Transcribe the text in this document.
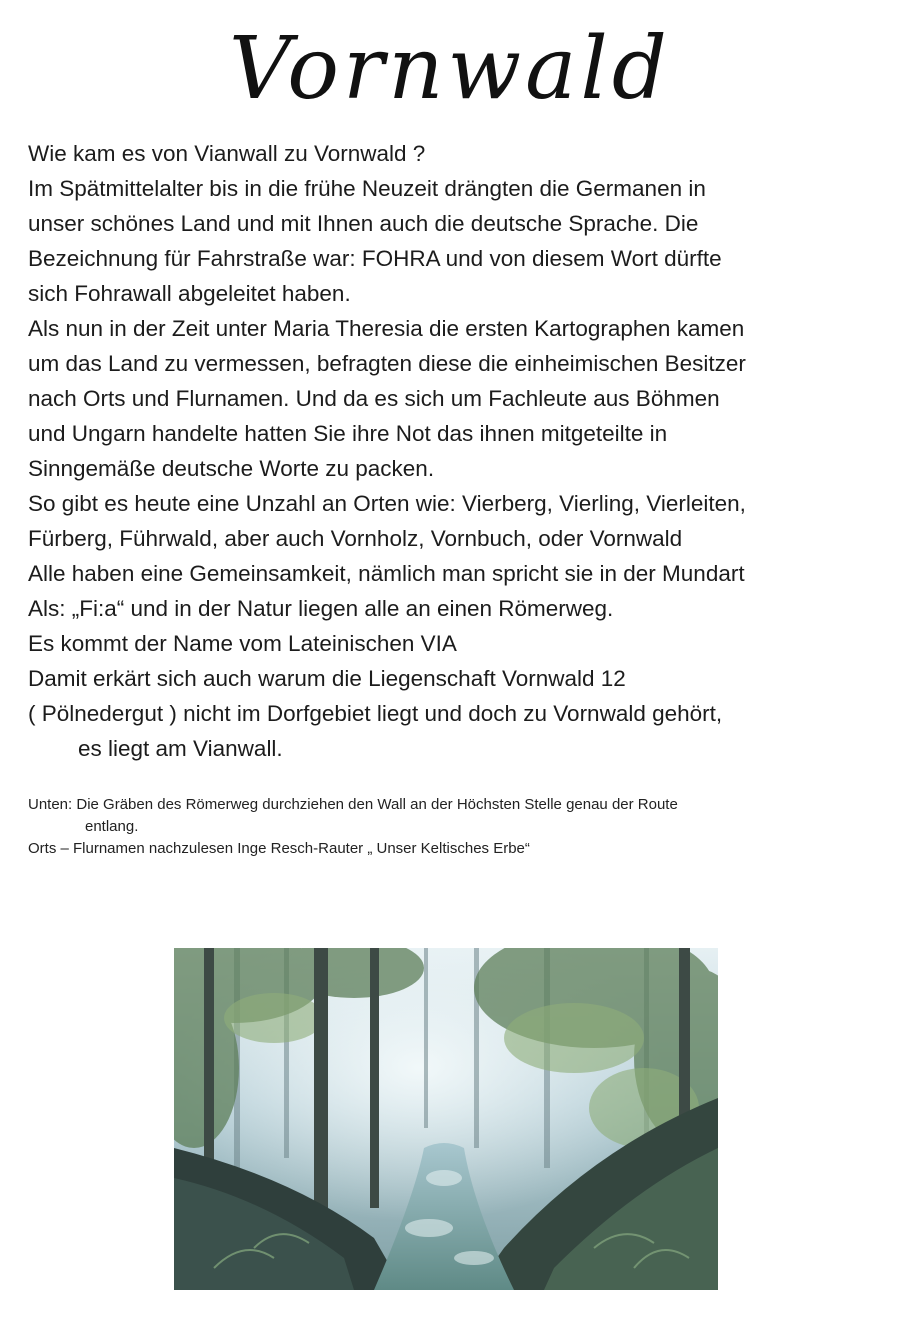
Vornwald

Wie kam es von Vianwall zu Vornwald ?

Im Spätmittelalter bis in die frühe Neuzeit drängten die Germanen in

unser schönes Land und mit Ihnen auch die deutsche Sprache. Die

Bezeichnung für Fahrstraße war: FOHRA und von diesem Wort dürfte

sich Fohrawall abgeleitet haben.

Als nun in der Zeit unter Maria Theresia die ersten Kartographen kamen

um das Land zu vermessen, befragten diese die einheimischen Besitzer

nach Orts und Flurnamen. Und da es sich um Fachleute aus Böhmen

und Ungarn handelte hatten Sie ihre Not das ihnen mitgeteilte in

Sinngemäße deutsche Worte zu packen.

So gibt es heute eine Unzahl an Orten wie: Vierberg, Vierling, Vierleiten,

Fürberg, Führwald, aber auch Vornholz, Vornbuch, oder Vornwald

Alle haben eine Gemeinsamkeit, nämlich man spricht sie in der Mundart

Als: „Fi:a“ und in der Natur liegen alle an einen Römerweg.

Es kommt der Name vom Lateinischen VIA

Damit erkärt sich auch warum die Liegenschaft Vornwald 12

( Pölnedergut ) nicht im Dorfgebiet liegt und doch zu Vornwald gehört,

es liegt am Vianwall.

Unten: Die Gräben des Römerweg durchziehen den Wall an der Höchsten Stelle genau der Route
entlang.
Orts – Flurnamen nachzulesen Inge Resch-Rauter „ Unser Keltisches Erbe“
